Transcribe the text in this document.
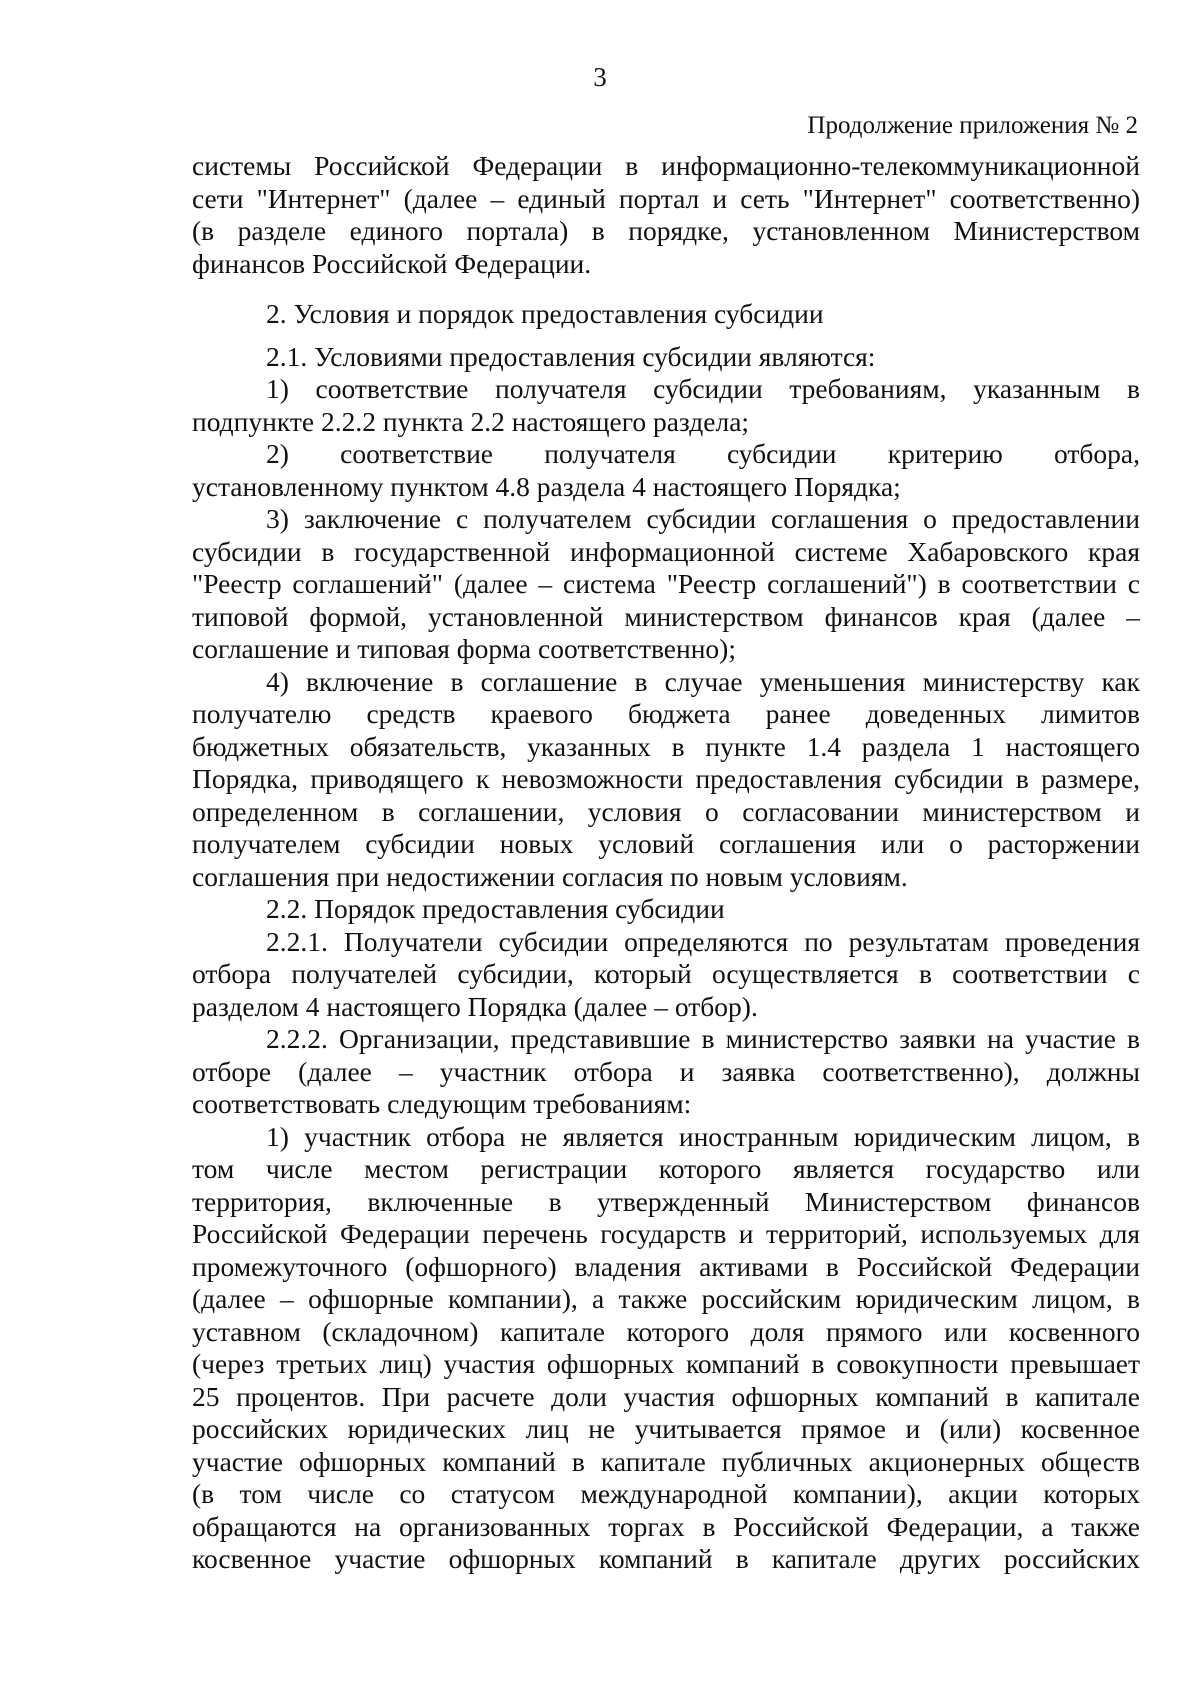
3
Продолжение приложения № 2

системы Российской Федерации в информационно-телекоммуникационной

сети "Интернет" (далее – единый портал и сеть "Интернет" соответственно)

(в разделе единого портала) в порядке, установленном Министерством

финансов Российской Федерации.

2. Условия и порядок предоставления субсидии

2.1. Условиями предоставления субсидии являются:

1) соответствие получателя субсидии требованиям, указанным в

подпункте 2.2.2 пункта 2.2 настоящего раздела;

2) соответствие получателя субсидии критерию отбора,

установленному пунктом 4.8 раздела 4 настоящего Порядка;

3) заключение с получателем субсидии соглашения о предоставлении

субсидии в государственной информационной системе Хабаровского края

"Реестр соглашений" (далее – система "Реестр соглашений") в соответствии с

типовой формой, установленной министерством финансов края (далее –

соглашение и типовая форма соответственно);

4) включение в соглашение в случае уменьшения министерству как

получателю средств краевого бюджета ранее доведенных лимитов

бюджетных обязательств, указанных в пункте 1.4 раздела 1 настоящего

Порядка, приводящего к невозможности предоставления субсидии в размере,

определенном в соглашении, условия о согласовании министерством и

получателем субсидии новых условий соглашения или о расторжении

соглашения при недостижении согласия по новым условиям.

2.2. Порядок предоставления субсидии

2.2.1. Получатели субсидии определяются по результатам проведения

отбора получателей субсидии, который осуществляется в соответствии с

разделом 4 настоящего Порядка (далее – отбор).

2.2.2. Организации, представившие в министерство заявки на участие в

отборе (далее – участник отбора и заявка соответственно), должны

соответствовать следующим требованиям:

1) участник отбора не является иностранным юридическим лицом, в

том числе местом регистрации которого является государство или

территория, включенные в утвержденный Министерством финансов

Российской Федерации перечень государств и территорий, используемых для

промежуточного (офшорного) владения активами в Российской Федерации

(далее – офшорные компании), а также российским юридическим лицом, в

уставном (складочном) капитале которого доля прямого или косвенного

(через третьих лиц) участия офшорных компаний в совокупности превышает

25 процентов. При расчете доли участия офшорных компаний в капитале

российских юридических лиц не учитывается прямое и (или) косвенное

участие офшорных компаний в капитале публичных акционерных обществ

(в том числе со статусом международной компании), акции которых

обращаются на организованных торгах в Российской Федерации, а также

косвенное участие офшорных компаний в капитале других российских
